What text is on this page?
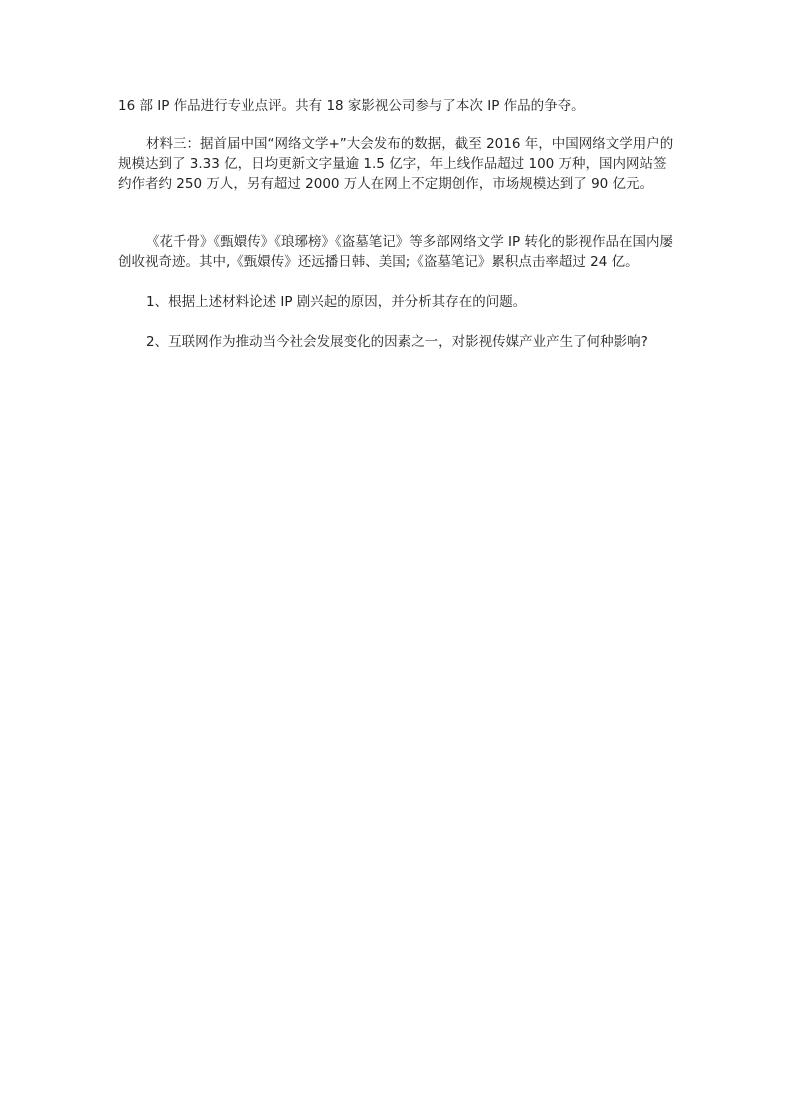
16 部 IP 作品进行专业点评。共有 18 家影视公司参与了本次 IP 作品的争夺。

材料三：据首届中国“网络文学+”大会发布的数据，截至 2016 年，中国网络文学用户的规模达到了 3.33 亿，日均更新文字量逾 1.5 亿字，年上线作品超过 100 万种，国内网站签约作者约 250 万人，另有超过 2000 万人在网上不定期创作，市场规模达到了 90 亿元。

《花千骨》《甄嬛传》《琅琊榜》《盗墓笔记》等多部网络文学 IP 转化的影视作品在国内屡创收视奇迹。其中,《甄嬛传》还远播日韩、美国;《盗墓笔记》累积点击率超过 24 亿。

1、根据上述材料论述 IP 剧兴起的原因，并分析其存在的问题。

2、互联网作为推动当今社会发展变化的因素之一，对影视传媒产业产生了何种影响?
